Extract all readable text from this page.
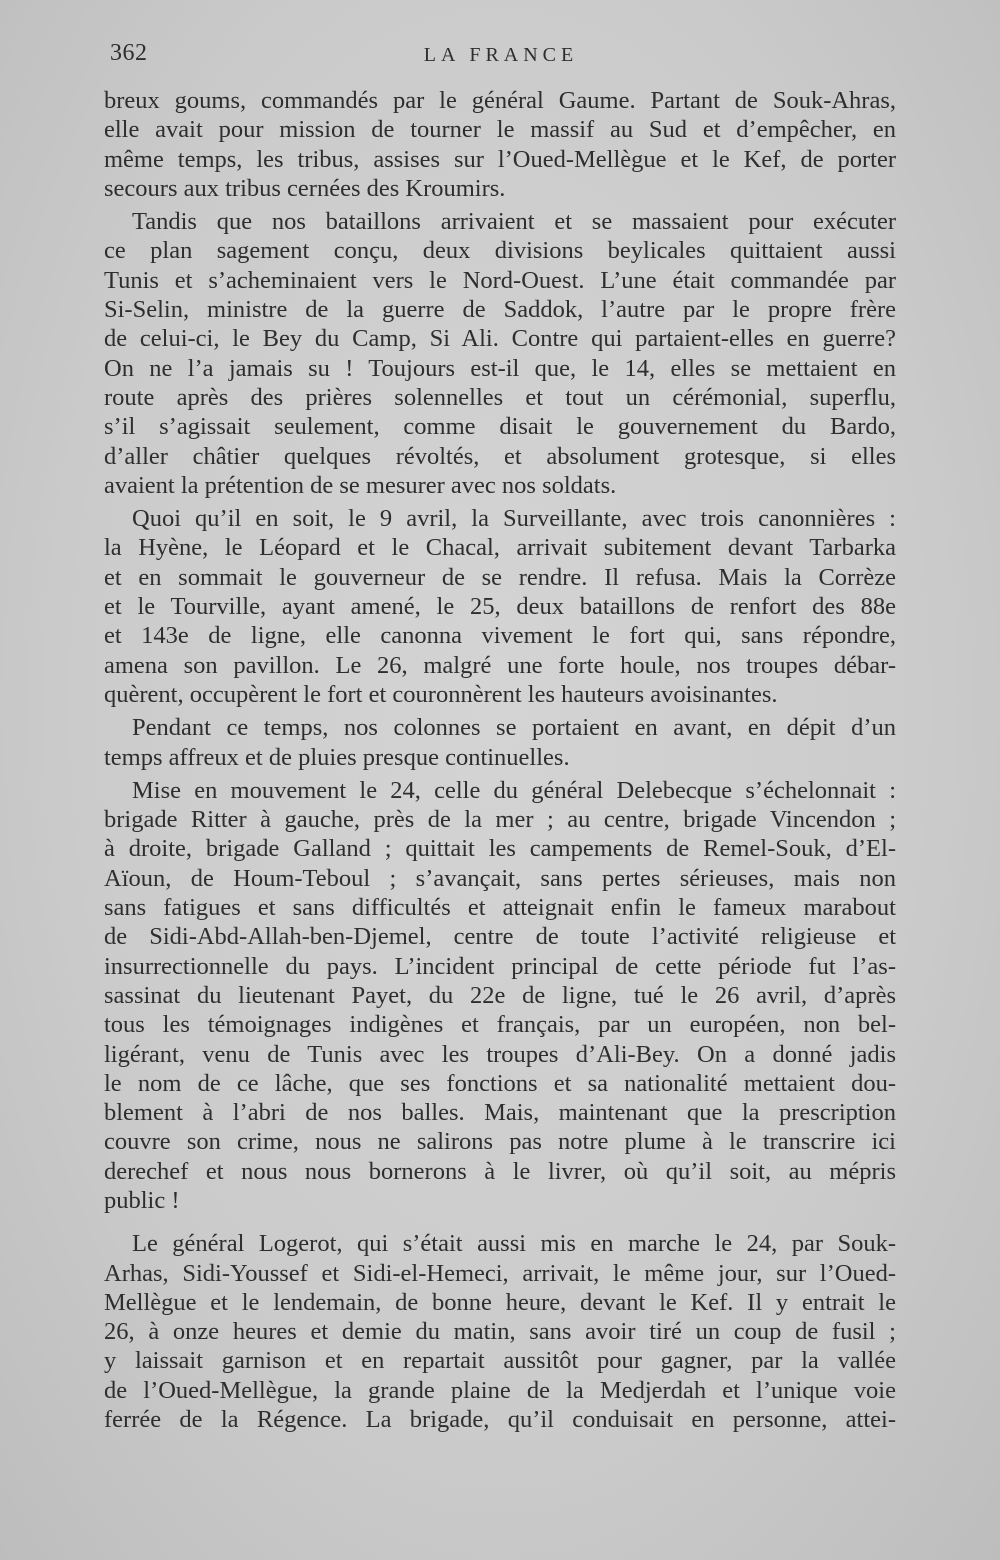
362	LA FRANCE

breux goums, commandés par le général Gaume. Partant de Souk-Ahras,

elle avait pour mission de tourner le massif au Sud et d’empêcher, en

même temps, les tribus, assises sur l’Oued-Mellègue et le Kef, de porter

secours aux tribus cernées des Kroumirs.

Tandis que nos bataillons arrivaient et se massaient pour exécuter

ce plan sagement conçu, deux divisions beylicales quittaient aussi

Tunis et s’acheminaient vers le Nord-Ouest. L’une était commandée par

Si-Selin, ministre de la guerre de Saddok, l’autre par le propre frère

de celui-ci, le Bey du Camp, Si Ali. Contre qui partaient-elles en guerre?

On ne l’a jamais su ! Toujours est-il que, le 14, elles se mettaient en

route après des prières solennelles et tout un cérémonial, superflu,

s’il s’agissait seulement, comme disait le gouvernement du Bardo,

d’aller châtier quelques révoltés, et absolument grotesque, si elles

avaient la prétention de se mesurer avec nos soldats.

Quoi qu’il en soit, le 9 avril, la Surveillante, avec trois canonnières :

la Hyène, le Léopard et le Chacal, arrivait subitement devant Tarbarka

et en sommait le gouverneur de se rendre. Il refusa. Mais la Corrèze

et le Tourville, ayant amené, le 25, deux bataillons de renfort des 88e

et 143e de ligne, elle canonna vivement le fort qui, sans répondre,

amena son pavillon. Le 26, malgré une forte houle, nos troupes débar-

quèrent, occupèrent le fort et couronnèrent les hauteurs avoisinantes.

Pendant ce temps, nos colonnes se portaient en avant, en dépit d’un

temps affreux et de pluies presque continuelles.

Mise en mouvement le 24, celle du général Delebecque s’échelonnait :

brigade Ritter à gauche, près de la mer ; au centre, brigade Vincendon ;

à droite, brigade Galland ; quittait les campements de Remel-Souk, d’El-

Aïoun, de Houm-Teboul ; s’avançait, sans pertes sérieuses, mais non

sans fatigues et sans difficultés et atteignait enfin le fameux marabout

de Sidi-Abd-Allah-ben-Djemel, centre de toute l’activité religieuse et

insurrectionnelle du pays. L’incident principal de cette période fut l’as-

sassinat du lieutenant Payet, du 22e de ligne, tué le 26 avril, d’après

tous les témoignages indigènes et français, par un européen, non bel-

ligérant, venu de Tunis avec les troupes d’Ali-Bey. On a donné jadis

le nom de ce lâche, que ses fonctions et sa nationalité mettaient dou-

blement à l’abri de nos balles. Mais, maintenant que la prescription

couvre son crime, nous ne salirons pas notre plume à le transcrire ici

derechef et nous nous bornerons à le livrer, où qu’il soit, au mépris

public !

Le général Logerot, qui s’était aussi mis en marche le 24, par Souk-

Arhas, Sidi-Youssef et Sidi-el-Hemeci, arrivait, le même jour, sur l’Oued-

Mellègue et le lendemain, de bonne heure, devant le Kef. Il y entrait le

26, à onze heures et demie du matin, sans avoir tiré un coup de fusil ;

y laissait garnison et en repartait aussitôt pour gagner, par la vallée

de l’Oued-Mellègue, la grande plaine de la Medjerdah et l’unique voie

ferrée de la Régence. La brigade, qu’il conduisait en personne, attei-
